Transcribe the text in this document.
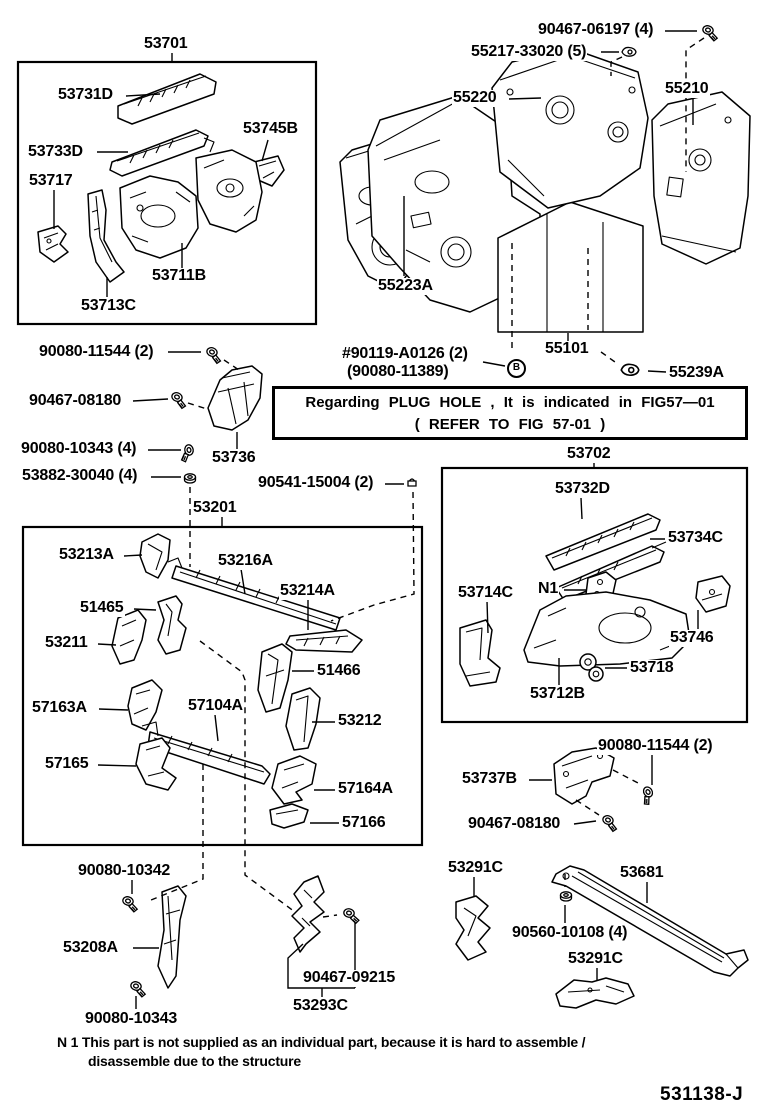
53701
53731D
53745B
53733D
53717
53711B
53713C
90467-06197 (4)
55217-33020 (5)
55220
55210
55223A
55101
#90119-A0126 (2)
(90080-11389)	55239A
90080-11544 (2)
90467-08180
53736
90080-10343 (4)
53882-30040 (4)	90541-15004 (2)
53201
53213A	53216A
53214A
51465
53211
51466
57163A	57104A
53212
57165
57164A
57166
53702
53732D
53734C
53714C N1
53746
53718
53712B
90080-11544 (2)
53737B
90467-08180
53291C	53681
90560-10108 (4)
53291C
90080-10342
53208A
90080-10343
90467-09215
53293C
B
Regarding PLUG HOLE , It is indicated in FIG57—01
( REFER TO FIG 57-01 )
N 1 This part is not supplied as an individual part, because it is hard to assemble /
disassemble due to the structure
531138-J
